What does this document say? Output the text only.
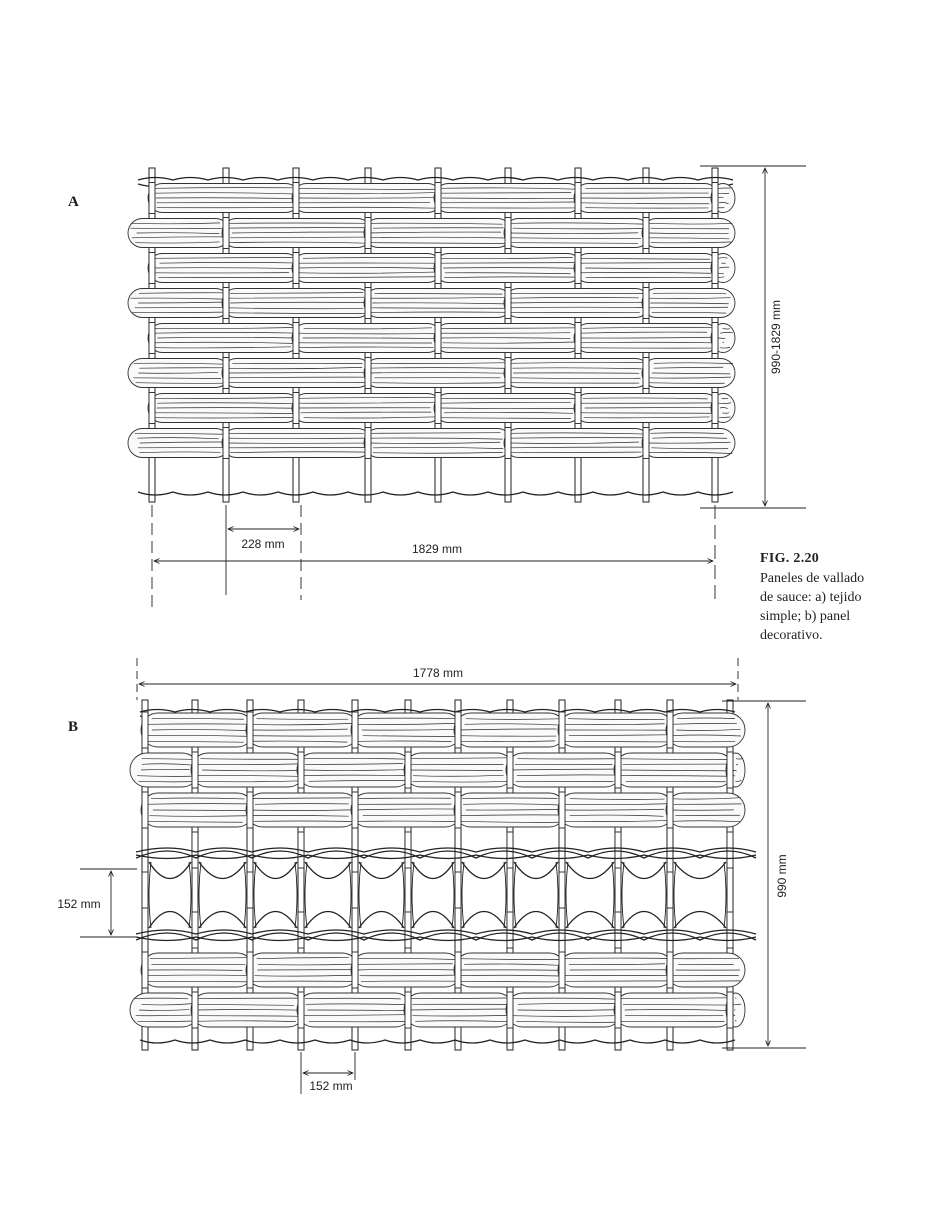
A
B
FIG. 2.20
Paneles de vallado
de sauce: a) tejido
simple; b) panel
decorativo.
228 mm	1829 mm
990-1829 mm
1778 mm
152 mm
990 mm
152 mm
